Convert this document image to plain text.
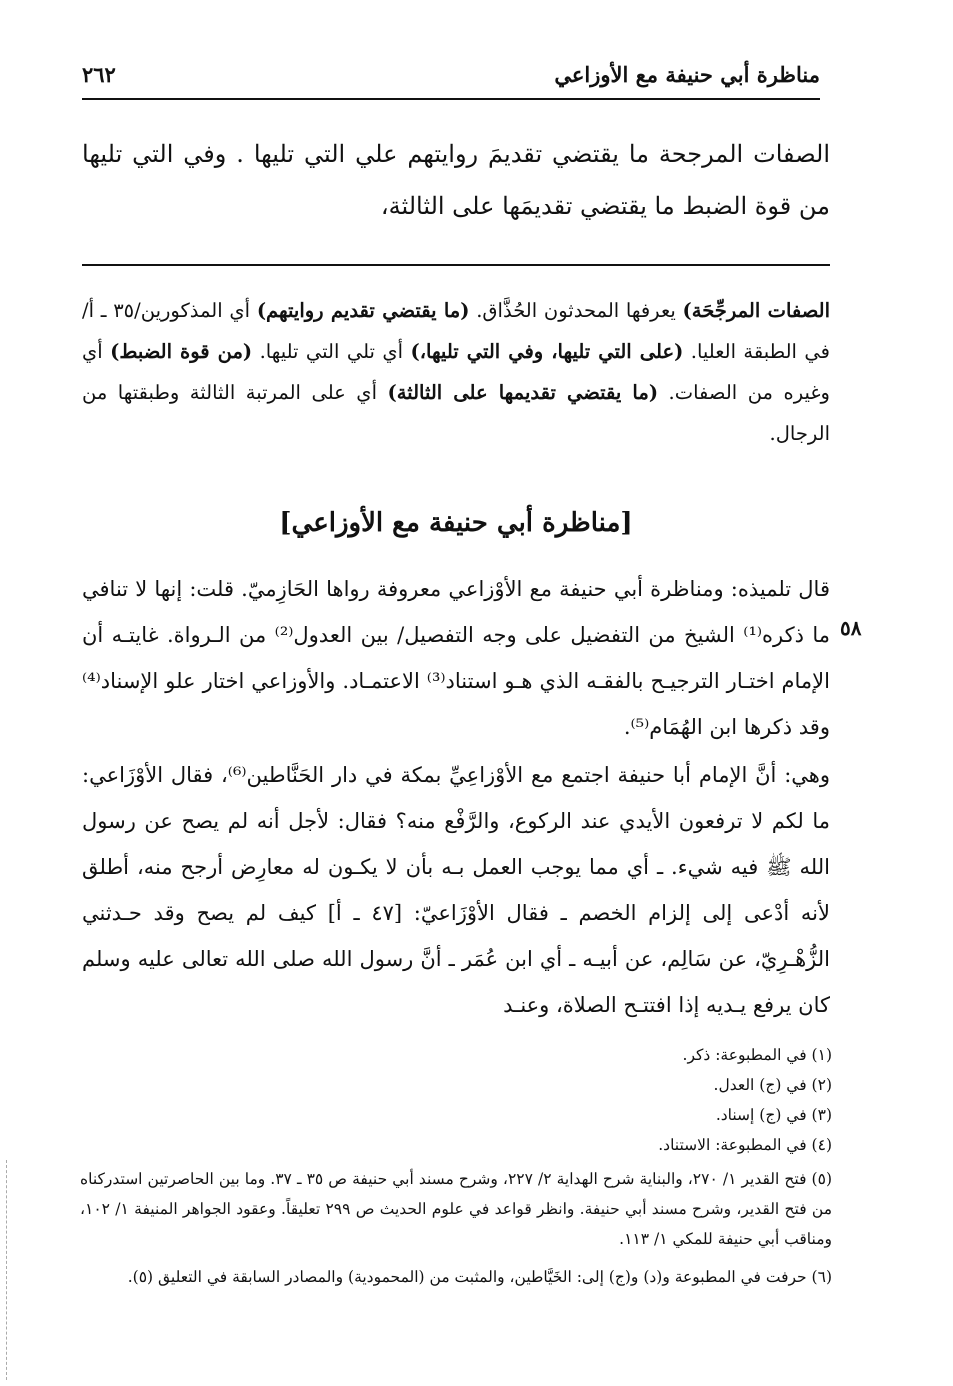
مناظرة أبي حنيفة مع الأوزاعي
٢٦٢
الصفات المرجحة ما يقتضي تقديمَ روايتهم علي التي تليها . وفي التي تليها من قوة الضبط ما يقتضي تقديمَها على الثالثة،
الصفات المرجِّحَة) يعرفها المحدثون الحُذَّاق. (ما يقتضي تقديم روايتهم) أي المذكورين/٣٥ ـ أ/في الطبقة العليا. (على التي تليها، وفي التي تليها،) أي تلي التي تليها. (من قوة الضبط) أي وغيره من الصفات. (ما يقتضي تقديمها على الثالثة) أي على المرتبة الثالثة وطبقتها من الرجال.
[مناظرة أبي حنيفة مع الأوزاعي]
٥٨
قال تلميذه: ومناظرة أبي حنيفة مع الأوْزاعي معروفة رواها الحَازِميّ. قلت: إنها لا تنافي ما ذكره⁽¹⁾ الشيخ من التفضيل على وجه التفصيل/ بين العدول⁽²⁾ من الـرواة. غايتـه أن الإمام اختـار الترجيـح بالفقـه الذي هـو استناد⁽³⁾ الاعتمـاد. والأوزاعي اختار علو الإسناد⁽⁴⁾ وقد ذكرها ابن الهُمَام⁽⁵⁾.
وهي: أنَّ الإمام أبا حنيفة اجتمع مع الأوْزاعِيِّ بمكة في دار الحَنَّاطين⁽⁶⁾، فقال الأوْزَاعي: ما لكم لا ترفعون الأيدي عند الركوع، والرَّفْع منه؟ فقال: لأجل أنه لم يصح عن رسول الله ﷺ فيه شيء. ـ أي مما يوجب العمل بـه بأن لا يكـون له معارِض أرجح منه، أطلق لأنه أدْعى إلى إلزام الخصم ـ فقال الأوْزَاعيّ: [٤٧ ـ أ] كيف لم يصح وقد حـدثني الزُّهْـرِيّ، عن سَالِم، عن أبيـه ـ أي ابن عُمَر ـ أنَّ رسول الله صلى الله تعالى عليه وسلم كان يرفع يـديه إذا افتتـح الصلاة، وعنـد
(١) في المطبوعة: ذكر.
(٢) في (ج) العدل.
(٣) في (ج) إسناد.
(٤) في المطبوعة: الاستناد.
(٥) فتح القدير ١/ ٢٧٠، والبناية شرح الهداية ٢/ ٢٢٧، وشرح مسند أبي حنيفة ص ٣٥ ـ ٣٧. وما بين الحاصرتين استدركناه من فتح القدير، وشرح مسند أبي حنيفة. وانظر قواعد في علوم الحديث ص ٢٩٩ تعليقاً. وعقود الجواهر المنيفة ١/ ١٠٢، ومناقب أبي حنيفة للمكي ١/ ١١٣.
(٦) حرفت في المطبوعة و(د) و(ج) إلى: الخَيَّاطين، والمثبت من (المحمودية) والمصادر السابقة في التعليق (٥).
